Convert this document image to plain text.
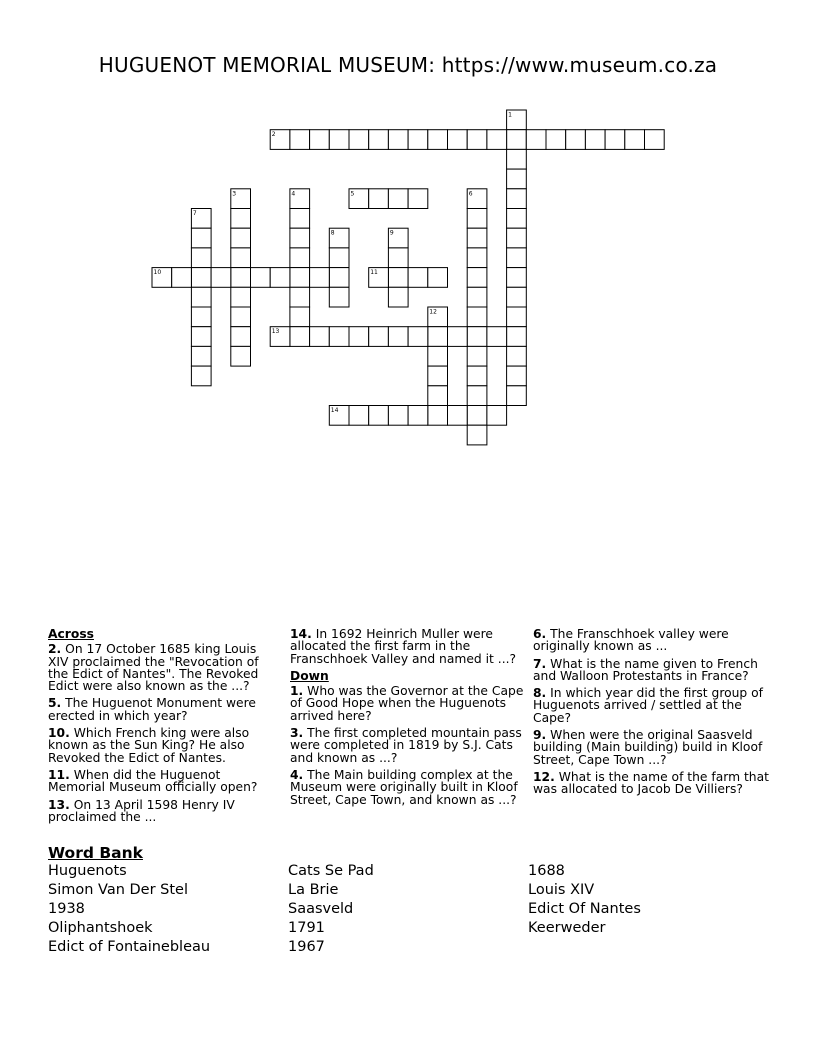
HUGUENOT MEMORIAL MUSEUM: https://www.museum.co.za
1
2
3	4	5	6
7
8	9
10	11
12
13
14
Across
2. On 17 October 1685 king Louis XIV proclaimed the "Revocation of the Edict of Nantes". The Revoked Edict were also known as the ...?
5. The Huguenot Monument were erected in which year?
10. Which French king were also known as the Sun King? He also Revoked the Edict of Nantes.
11. When did the Huguenot Memorial Museum officially open?
13. On 13 April 1598 Henry IV proclaimed the ...
14. In 1692 Heinrich Muller were allocated the first farm in the Franschhoek Valley and named it ...?
Down
1. Who was the Governor at the Cape of Good Hope when the Huguenots arrived here?
3. The first completed mountain pass were completed in 1819 by S.J. Cats and known as ...?
4. The Main building complex at the Museum were originally built in Kloof Street, Cape Town, and known as ...?
6. The Franschhoek valley were originally known as ...
7. What is the name given to French and Walloon Protestants in France?
8. In which year did the first group of Huguenots arrived / settled at the Cape?
9. When were the original Saasveld building (Main building) build in Kloof Street, Cape Town ...?
12. What is the name of the farm that was allocated to Jacob De Villiers?
Word Bank
Huguenots
Simon Van Der Stel
1938
Oliphantshoek
Edict of Fontainebleau
Cats Se Pad
La Brie
Saasveld
1791
1967
1688
Louis XIV
Edict Of Nantes
Keerweder
